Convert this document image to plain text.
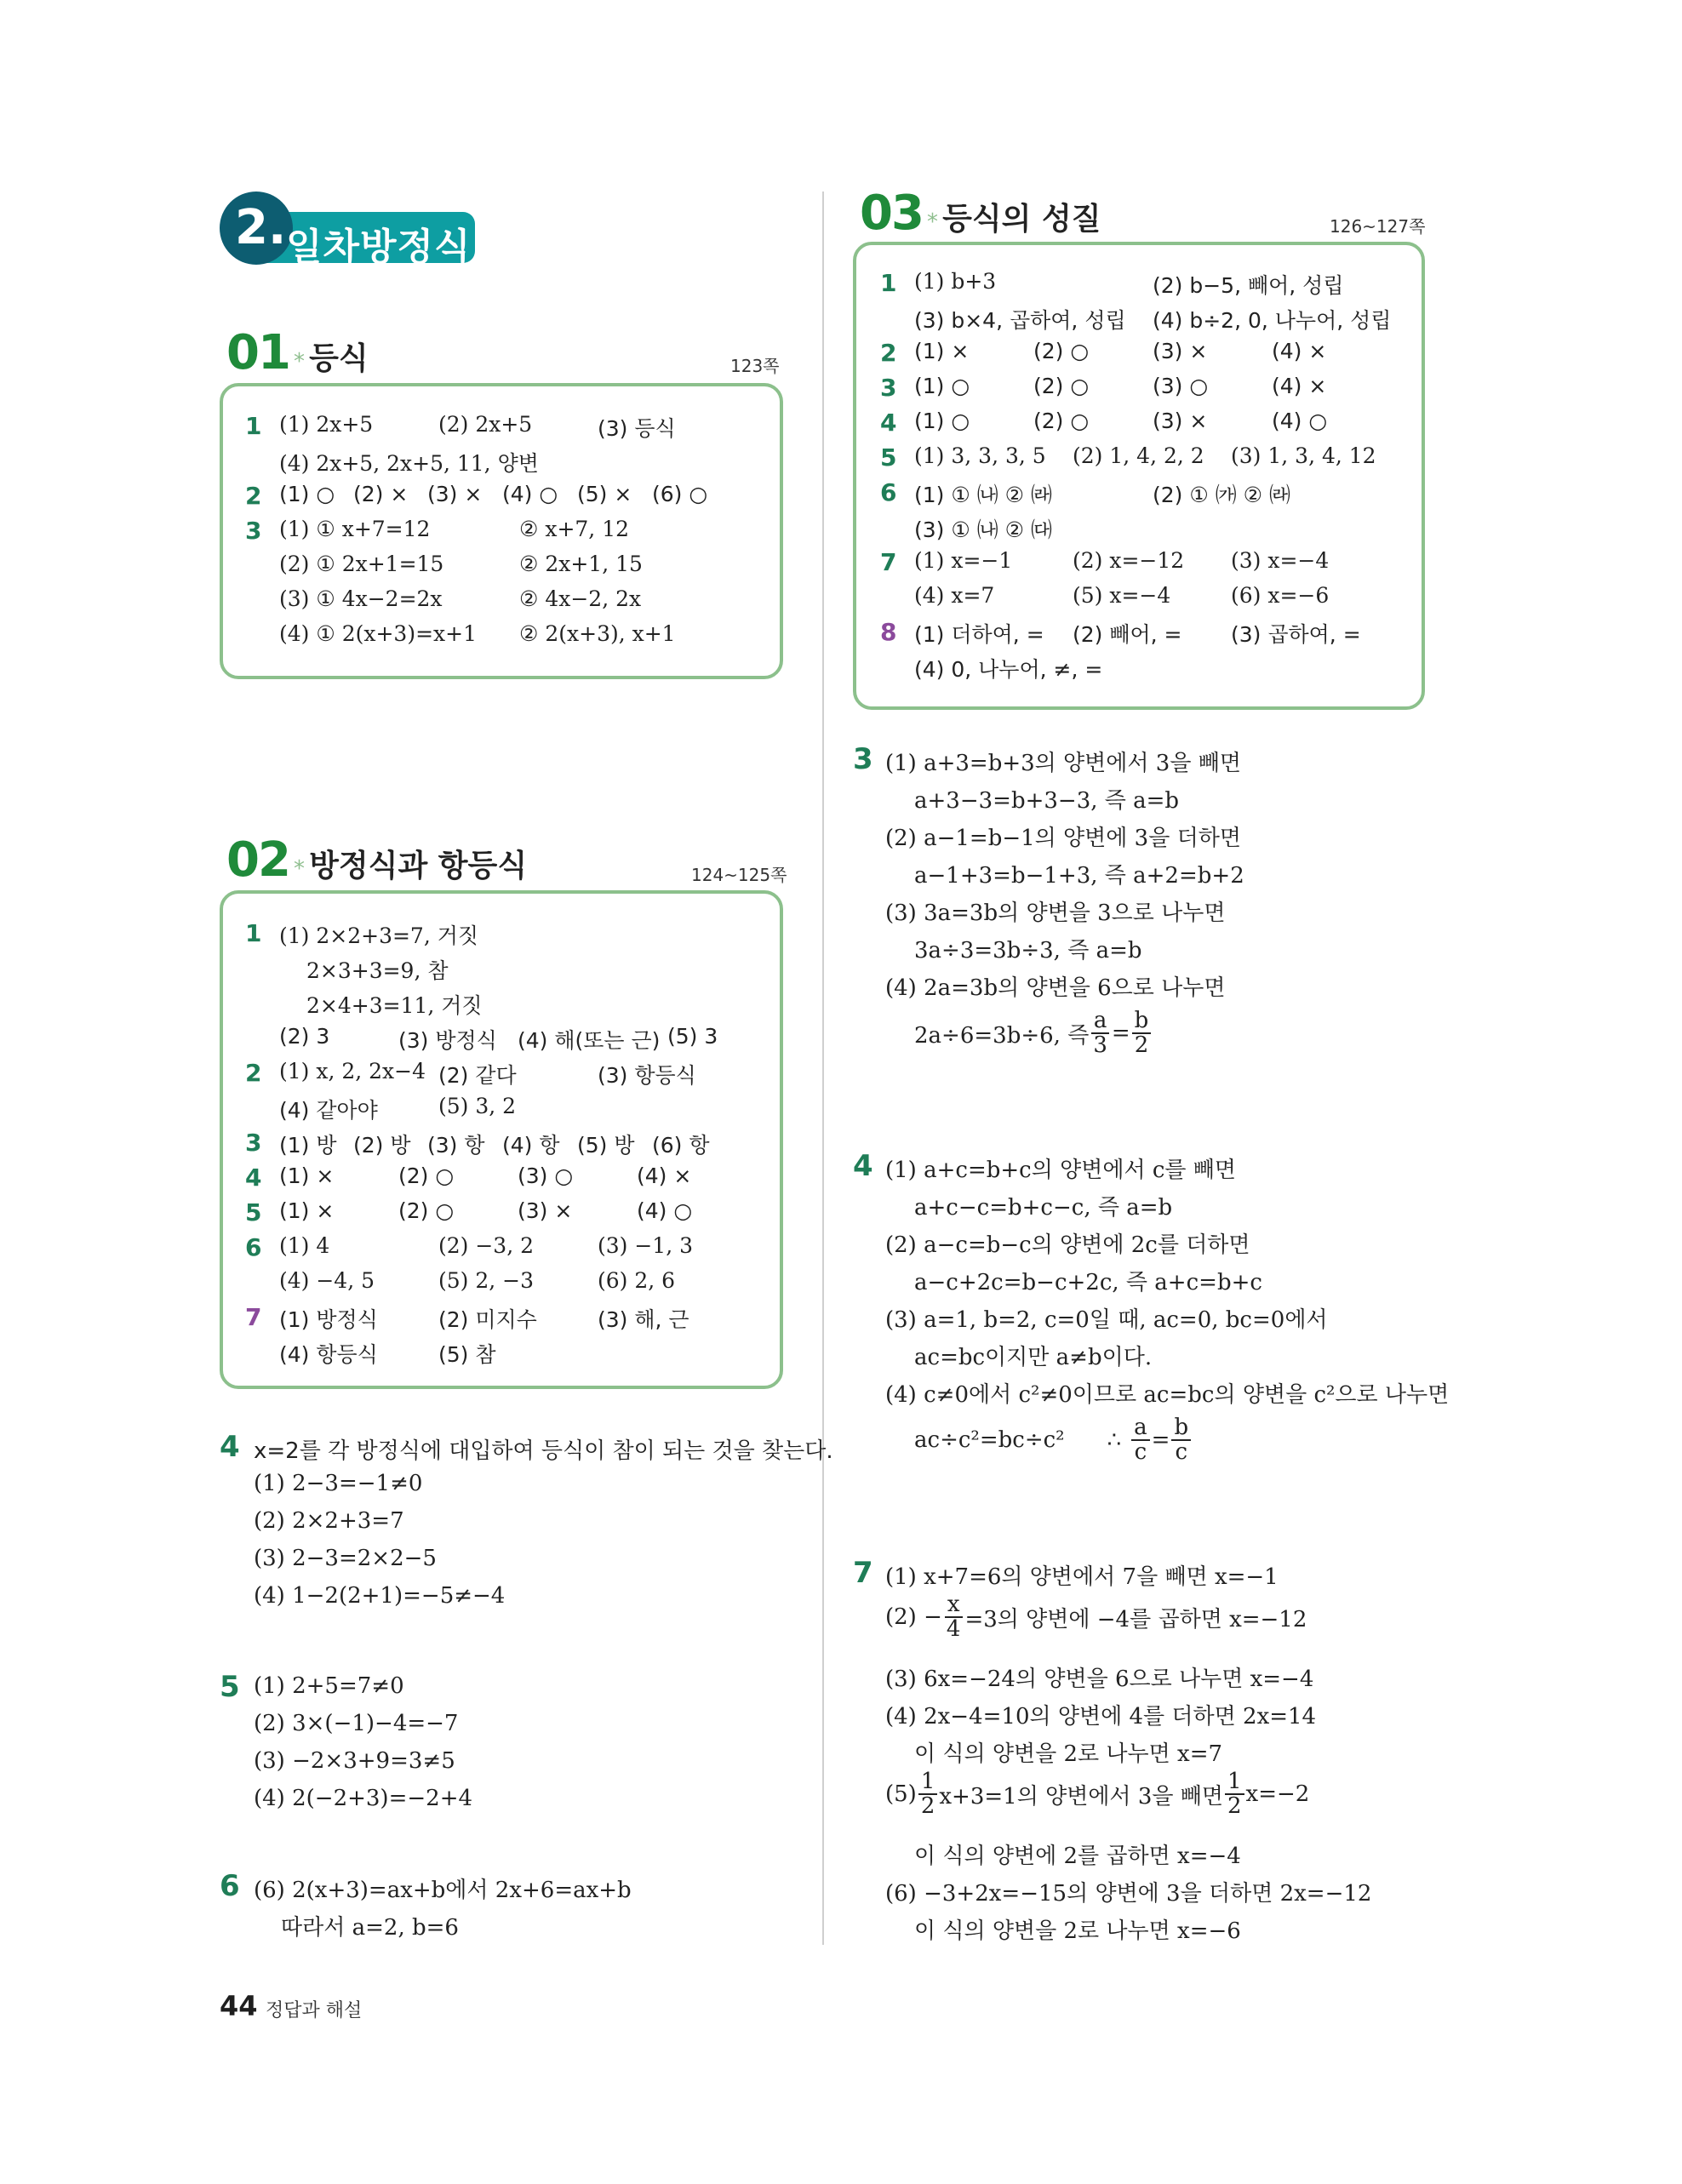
2. 일차방정식
01 * 등식	123쪽
1 (1) 2x+5	(2) 2x+5	(3) 등식
(4) 2x+5, 2x+5, 11, 양변
2 (1) ○ (2) × (3) × (4) ○ (5) × (6) ○
3 (1) ① x+7=12	② x+7, 12
(2) ① 2x+1=15	② 2x+1, 15
(3) ① 4x−2=2x	② 4x−2, 2x
(4) ① 2(x+3)=x+1 ② 2(x+3), x+1
02 * 방정식과 항등식	124~125쪽
1 (1) 2×2+3=7, 거짓
2×3+3=9, 참
2×4+3=11, 거짓
(2) 3	(3) 방정식 (4) 해(또는 근) (5) 3
2 (1) x, 2, 2x−4 (2) 같다	(3) 항등식
(4) 같아야	(5) 3, 2
3 (1) 방 (2) 방 (3) 항 (4) 항 (5) 방 (6) 항
4 (1) ×	(2) ○	(3) ○	(4) ×
5 (1) ×	(2) ○	(3) ×	(4) ○
6 (1) 4	(2) −3, 2	(3) −1, 3
(4) −4, 5	(5) 2, −3	(6) 2, 6
7 (1) 방정식	(2) 미지수	(3) 해, 근
(4) 항등식	(5) 참
4 x=2를 각 방정식에 대입하여 등식이 참이 되는 것을 찾는다.
(1) 2−3=−1≠0
(2) 2×2+3=7
(3) 2−3=2×2−5
(4) 1−2(2+1)=−5≠−4
5 (1) 2+5=7≠0
(2) 3×(−1)−4=−7
(3) −2×3+9=3≠5
(4) 2(−2+3)=−2+4
6 (6) 2(x+3)=ax+b에서 2x+6=ax+b
따라서 a=2, b=6
03 * 등식의 성질	126~127쪽
1 (1) b+3	(2) b−5, 빼어, 성립
(3) b×4, 곱하여, 성립 (4) b÷2, 0, 나누어, 성립
2 (1) ×	(2) ○	(3) ×	(4) ×
3 (1) ○	(2) ○	(3) ○	(4) ×
4 (1) ○	(2) ○	(3) ×	(4) ○
5 (1) 3, 3, 3, 5 (2) 1, 4, 2, 2 (3) 1, 3, 4, 12
6 (1) ① ㈏ ② ㈑	(2) ① ㈎ ② ㈑
(3) ① ㈏ ② ㈐
7 (1) x=−1	(2) x=−12 (3) x=−4
(4) x=7	(5) x=−4	(6) x=−6
8 (1) 더하여, = (2) 빼어, = (3) 곱하여, =
(4) 0, 나누어, ≠, =
3 (1) a+3=b+3의 양변에서 3을 빼면
a+3−3=b+3−3, 즉 a=b
(2) a−1=b−1의 양변에 3을 더하면
a−1+3=b−1+3, 즉 a+2=b+2
(3) 3a=3b의 양변을 3으로 나누면
3a÷3=3b÷3, 즉 a=b
(4) 2a=3b의 양변을 6으로 나누면
2a÷6=3b÷6, 즉 $\frac{a}{3} = \frac{b}{2}$
4 (1) a+c=b+c의 양변에서 c를 빼면
a+c−c=b+c−c, 즉 a=b
(2) a−c=b−c의 양변에 2c를 더하면
a−c+2c=b−c+2c, 즉 a+c=b+c
(3) a=1, b=2, c=0일 때, ac=0, bc=0에서
ac=bc이지만 a≠b이다.
(4) c≠0에서 c²≠0이므로 ac=bc의 양변을 c²으로 나누면
ac÷c²=bc÷c² ∴ $\frac{a}{c} = \frac{b}{c}$
7 (1) x+7=6의 양변에서 7을 빼면 x=−1
$(2) - \frac{x}{4} =3$의 양변에 −4를 곱하면 x=−12
(3) 6x=−24의 양변을 6으로 나누면 x=−4
(4) 2x−4=10의 양변에 4를 더하면 2x=14
이 식의 양변을 2로 나누면 x=7
$(5) \frac{1}{2} x+3=1$의 양변에서 3을 빼면 $\frac{1}{2} x=-2$
이 식의 양변에 2를 곱하면 x=−4
(6) −3+2x=−15의 양변에 3을 더하면 2x=−12
이 식의 양변을 2로 나누면 x=−6
44 정답과 해설
